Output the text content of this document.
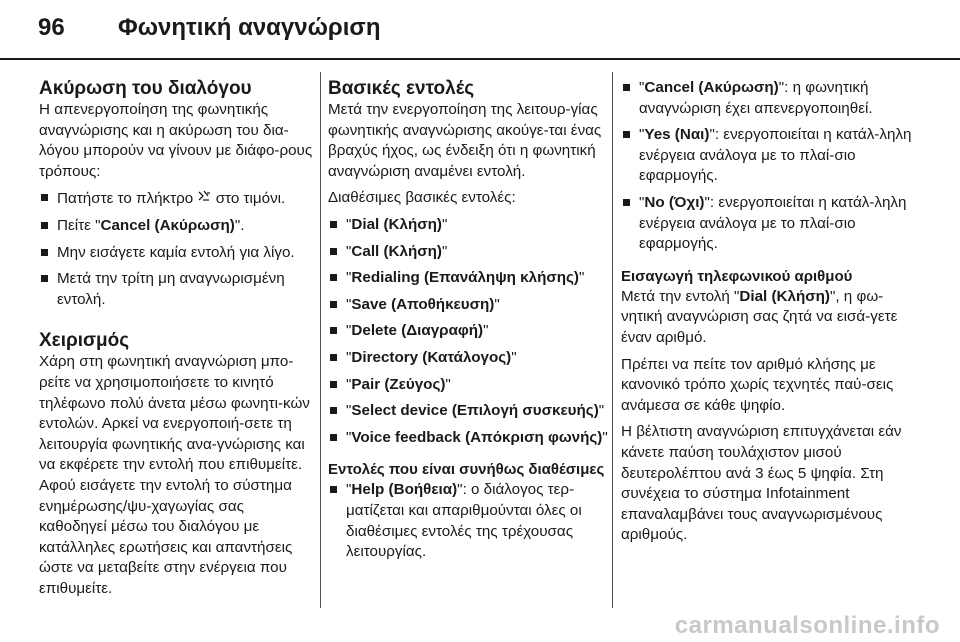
96 Φωνητική αναγνώριση
Ακύρωση του διαλόγου

Η απενεργοποίηση της φωνητικής αναγνώρισης και η ακύρωση του δια-λόγου μπορούν να γίνουν με διάφο-ρους τρόπους:

Πατήστε το πλήκτρο στο τιμόνι.
Πείτε "Cancel (Ακύρωση)".
Μην εισάγετε καμία εντολή για λίγο.
Μετά την τρίτη μη αναγνωρισμένη εντολή.
Χειρισμός

Χάρη στη φωνητική αναγνώριση μπο-ρείτε να χρησιμοποιήσετε το κινητό τηλέφωνο πολύ άνετα μέσω φωνητι-κών εντολών. Αρκεί να ενεργοποιή-σετε τη λειτουργία φωνητικής ανα-γνώρισης και να εκφέρετε την εντολή που επιθυμείτε. Αφού εισάγετε την εντολή το σύστημα ενημέρωσης/ψυ-χαγωγίας σας καθοδηγεί μέσω του διαλόγου με κατάλληλες ερωτήσεις και απαντήσεις ώστε να μεταβείτε στην ενέργεια που επιθυμείτε.

Βασικές εντολές

Μετά την ενεργοποίηση της λειτουρ-γίας φωνητικής αναγνώρισης ακούγε-ται ένας βραχύς ήχος, ως ένδειξη ότι η φωνητική αναγνώριση αναμένει εντολή.

Διαθέσιμες βασικές εντολές:

"Dial (Κλήση)"
"Call (Κλήση)"
"Redialing (Επανάληψη κλήσης)"
"Save (Αποθήκευση)"
"Delete (Διαγραφή)"
"Directory (Κατάλογος)"
"Pair (Ζεύγος)"
"Select device (Επιλογή συσκευής)"
"Voice feedback (Απόκριση φωνής)"
Εντολές που είναι συνήθως διαθέσιμες
"Help (Βοήθεια)": ο διάλογος τερ-ματίζεται και απαριθμούνται όλες οι διαθέσιμες εντολές της τρέχουσας λειτουργίας.
"Cancel (Ακύρωση)": η φωνητική αναγνώριση έχει απενεργοποιηθεί.
"Yes (Ναι)": ενεργοποιείται η κατάλ-ληλη ενέργεια ανάλογα με το πλαί-σιο εφαρμογής.
"No (Όχι)": ενεργοποιείται η κατάλ-ληλη ενέργεια ανάλογα με το πλαί-σιο εφαρμογής.
Εισαγωγή τηλεφωνικού αριθμού

Μετά την εντολή "Dial (Κλήση)", η φω-νητική αναγνώριση σας ζητά να εισά-γετε έναν αριθμό.

Πρέπει να πείτε τον αριθμό κλήσης με κανονικό τρόπο χωρίς τεχνητές παύ-σεις ανάμεσα σε κάθε ψηφίο.

Η βέλτιστη αναγνώριση επιτυγχάνεται εάν κάνετε παύση τουλάχιστον μισού δευτερολέπτου ανά 3 έως 5 ψηφία. Στη συνέχεια το σύστημα Infotainment επαναλαμβάνει τους αναγνωρισμένους αριθμούς.

carmanualsonline.info
